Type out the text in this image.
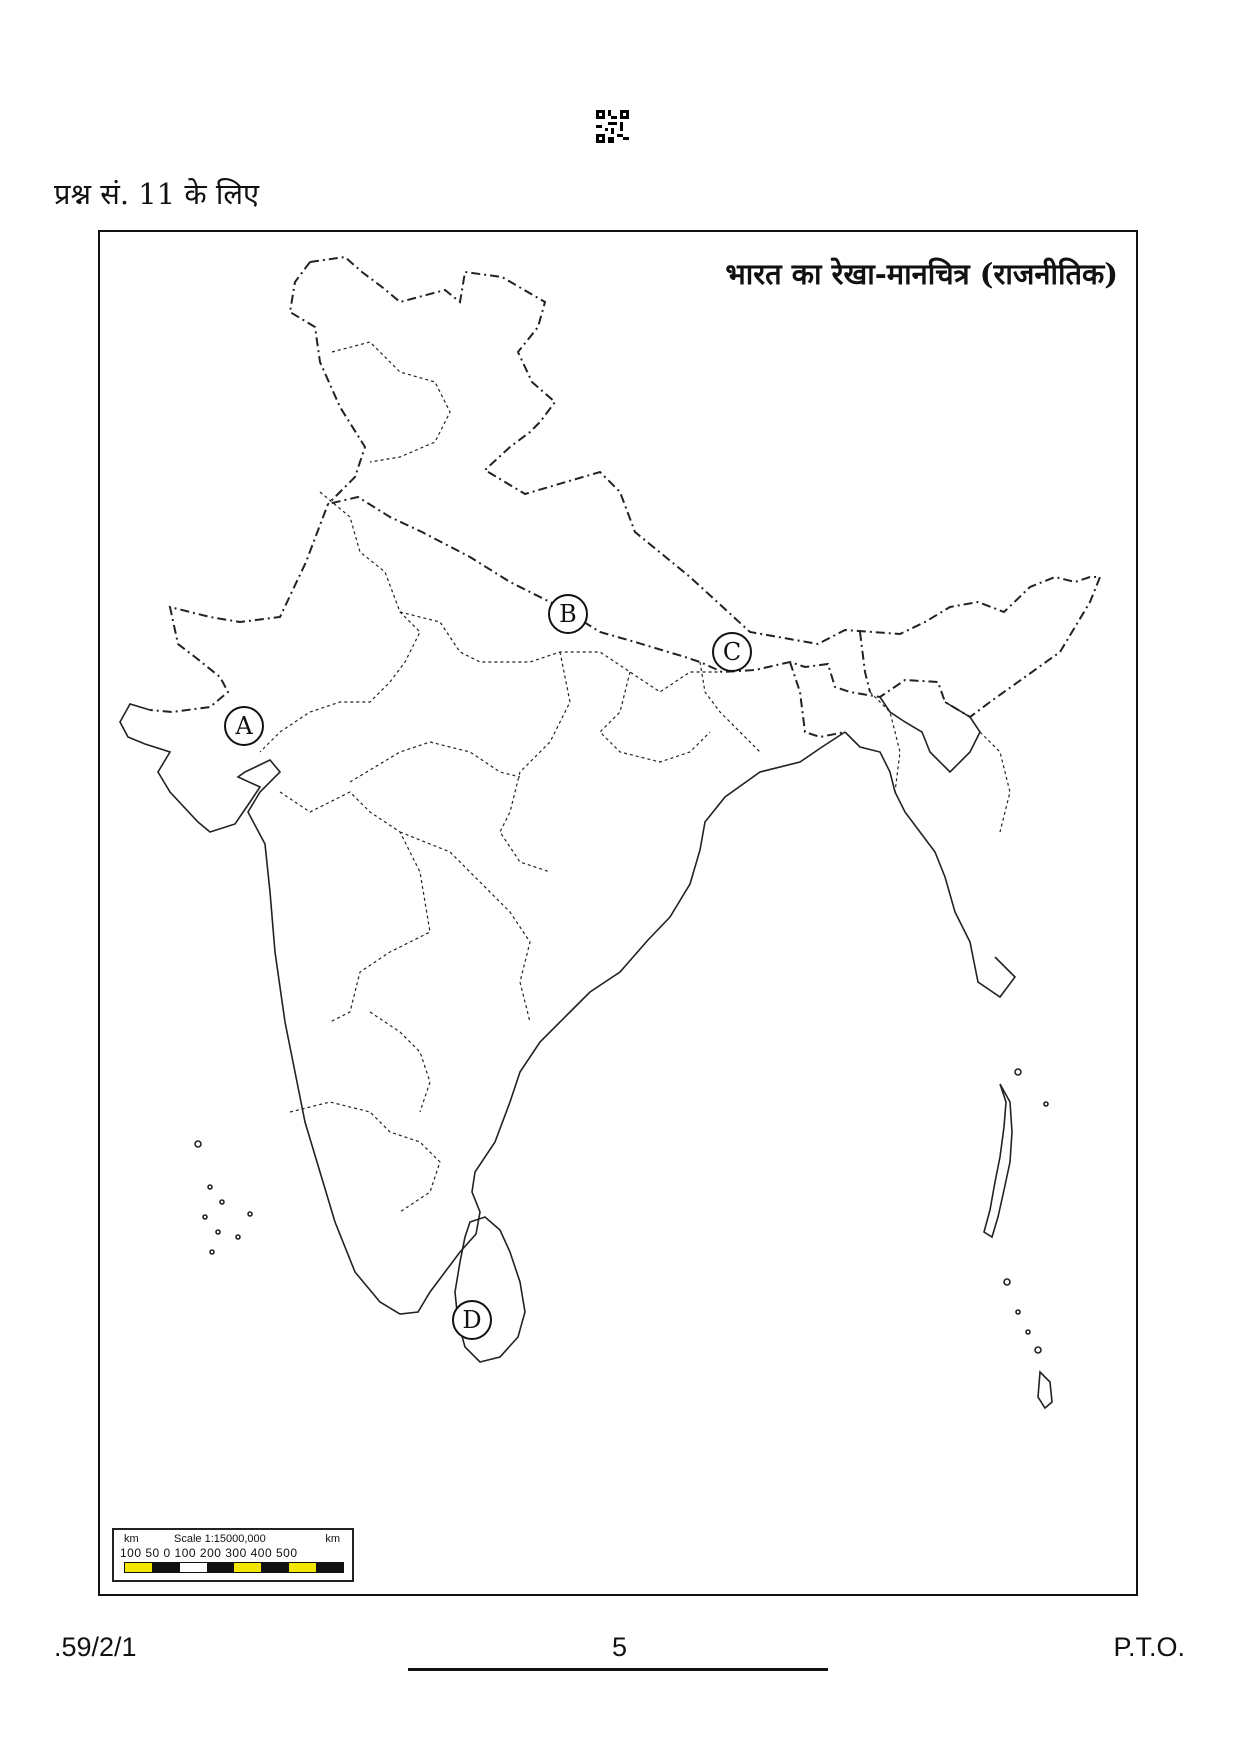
प्रश्न सं. 11 के लिए
भारत का रेखा-मानचित्र (राजनीतिक)
A
B
C
D
km	Scale 1:15000,000	km
100 50 0 100 200 300 400 500
.59/2/1	5	P.T.O.
